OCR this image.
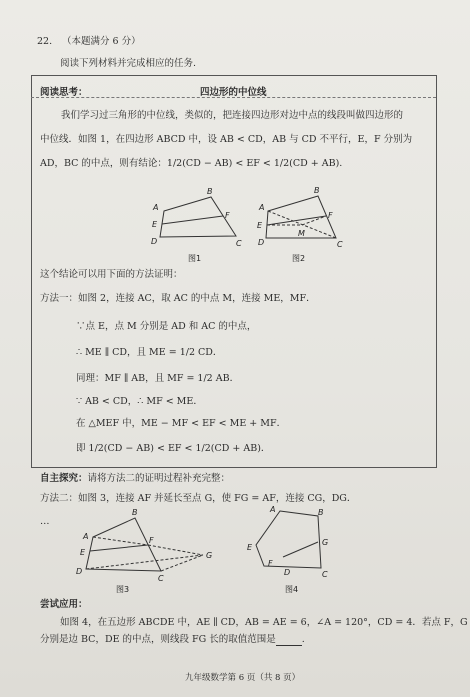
22. （本题满分 6 分）
阅读下列材料并完成相应的任务.
阅读思考：	四边形的中位线
我们学习过三角形的中位线，类似的，把连接四边形对边中点的线段叫做四边形的
中位线．如图 1，在四边形 ABCD 中，设 AB < CD，AB 与 CD 不平行，E，F 分别为
AD，BC 的中点，则有结论：1/2(CD − AB) < EF < 1/2(CD + AB).
A
B
C
D
E
F
图1
A
B
C
D
E
F
M
图2
A
B
C
D
E
F
G
图3
A	B
C
D
E
F
G
图4
这个结论可以用下面的方法证明：
方法一：如图 2，连接 AC，取 AC 的中点 M，连接 ME，MF．
∵点 E，点 M 分别是 AD 和 AC 的中点，
∴ ME ∥ CD，且 ME = 1/2 CD．
同理：MF ∥ AB，且 MF = 1/2 AB．
∵ AB < CD，∴ MF < ME．
在 △MEF 中，ME − MF < EF < ME + MF．
即 1/2(CD − AB) < EF < 1/2(CD + AB)．
自主探究：请将方法二的证明过程补充完整：
方法二：如图 3，连接 AF 并延长至点 G，使 FG = AF，连接 CG，DG．
…
尝试应用：
如图 4，在五边形 ABCDE 中，AE ∥ CD，AB = AE = 6，∠A = 120°，CD = 4．若点 F，G
分别是边 BC，DE 的中点，则线段 FG 长的取值范围是	.
九年级数学第 6 页（共 8 页）
